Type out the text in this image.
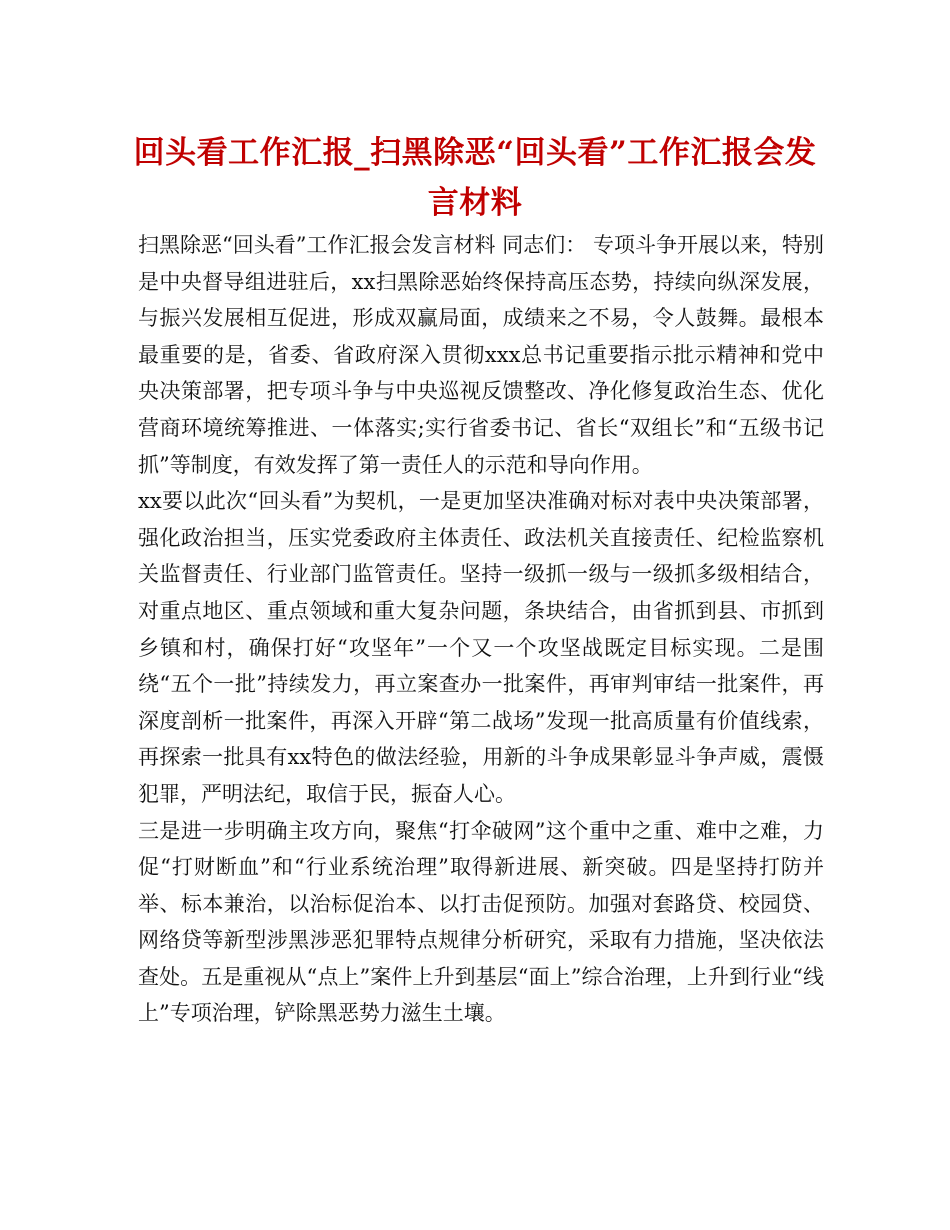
回头看工作汇报_扫黑除恶“回头看”工作汇报会发言材料

扫黑除恶“回头看”工作汇报会发言材料 同志们： 专项斗争开展以来，特别是中央督导组进驻后，xx扫黑除恶始终保持高压态势，持续向纵深发展，与振兴发展相互促进，形成双赢局面，成绩来之不易，令人鼓舞。最根本最重要的是，省委、省政府深入贯彻xxx总书记重要指示批示精神和党中央决策部署，把专项斗争与中央巡视反馈整改、净化修复政治生态、优化营商环境统筹推进、一体落实;实行省委书记、省长“双组长”和“五级书记抓”等制度，有效发挥了第一责任人的示范和导向作用。

xx要以此次“回头看”为契机，一是更加坚决准确对标对表中央决策部署，强化政治担当，压实党委政府主体责任、政法机关直接责任、纪检监察机关监督责任、行业部门监管责任。坚持一级抓一级与一级抓多级相结合，对重点地区、重点领域和重大复杂问题，条块结合，由省抓到县、市抓到乡镇和村，确保打好“攻坚年”一个又一个攻坚战既定目标实现。二是围绕“五个一批”持续发力，再立案查办一批案件，再审判审结一批案件，再深度剖析一批案件，再深入开辟“第二战场”发现一批高质量有价值线索，再探索一批具有xx特色的做法经验，用新的斗争成果彰显斗争声威，震慑犯罪，严明法纪，取信于民，振奋人心。

三是进一步明确主攻方向，聚焦“打伞破网”这个重中之重、难中之难，力促“打财断血”和“行业系统治理”取得新进展、新突破。四是坚持打防并举、标本兼治，以治标促治本、以打击促预防。加强对套路贷、校园贷、网络贷等新型涉黑涉恶犯罪特点规律分析研究，采取有力措施，坚决依法查处。五是重视从“点上”案件上升到基层“面上”综合治理，上升到行业“线上”专项治理，铲除黑恶势力滋生土壤。
